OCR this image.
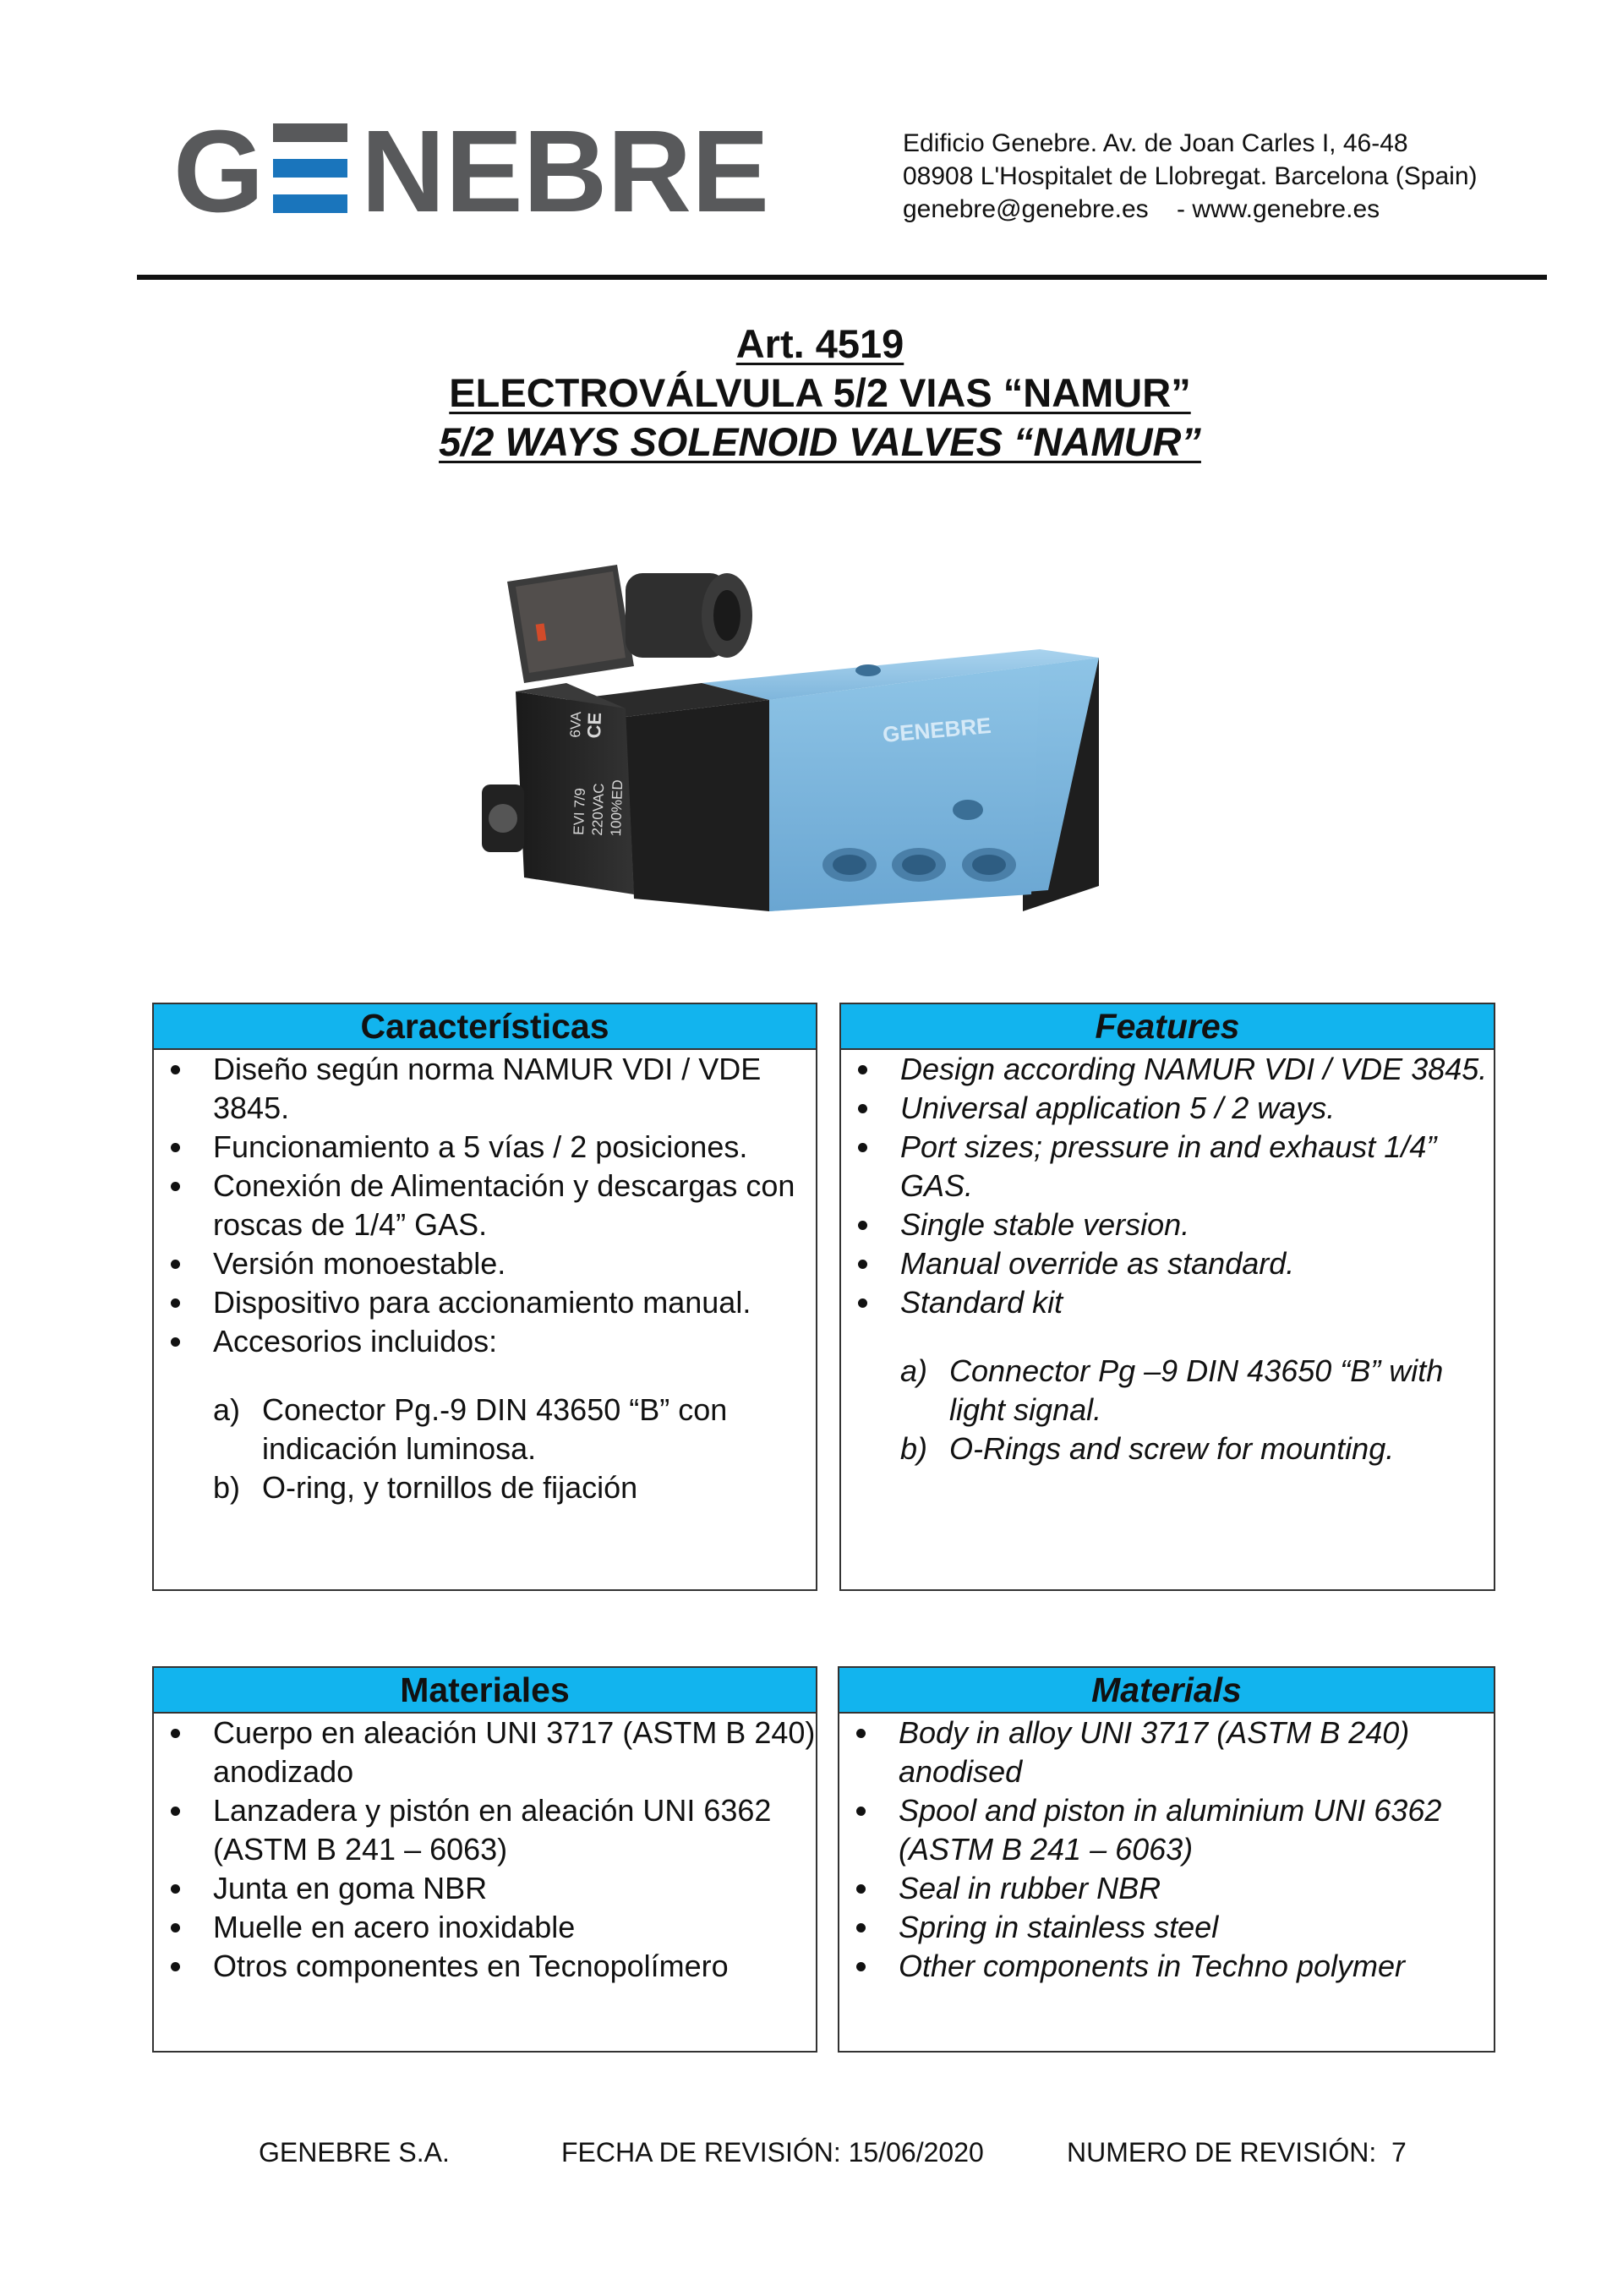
G NEBRE	Edificio Genebre. Av. de Joan Carles I, 46-48
08908 L'Hospitalet de Llobregat. Barcelona (Spain)
genebre@genebre.es    - www.genebre.es
Art. 4519
ELECTROVÁLVULA 5/2 VIAS “NAMUR”
5/2 WAYS SOLENOID VALVES “NAMUR”
GENEBRE
EVI 7/9 220VAC 100%ED
6VA
CE
Características
Diseño según norma NAMUR VDI / VDE 3845.
Funcionamiento a 5 vías / 2 posiciones.
Conexión de Alimentación y descargas con roscas de 1/4” GAS.
Versión monoestable.
Dispositivo para accionamiento manual.
Accesorios incluidos:
a) Conector Pg.-9 DIN 43650 “B” con indicación luminosa.
b) O-ring, y tornillos de fijación
Features
Design according NAMUR VDI / VDE 3845.
Universal application 5 / 2 ways.
Port sizes; pressure in and exhaust 1/4” GAS.
Single stable version.
Manual override as standard.
Standard kit
a) Connector Pg –9 DIN 43650 “B” with light signal.
b) O-Rings and screw for mounting.
Materiales
Cuerpo en aleación UNI 3717 (ASTM B 240) anodizado
Lanzadera y pistón en aleación UNI 6362 (ASTM B 241 – 6063)
Junta en goma NBR
Muelle en acero inoxidable
Otros componentes en Tecnopolímero
Materials
Body in alloy UNI 3717 (ASTM B 240) anodised
Spool and piston in aluminium UNI 6362 (ASTM B 241 – 6063)
Seal in rubber NBR
Spring in stainless steel
Other components in Techno polymer
GENEBRE S.A.	FECHA DE REVISIÓN: 15/06/2020	NUMERO DE REVISIÓN:  7
